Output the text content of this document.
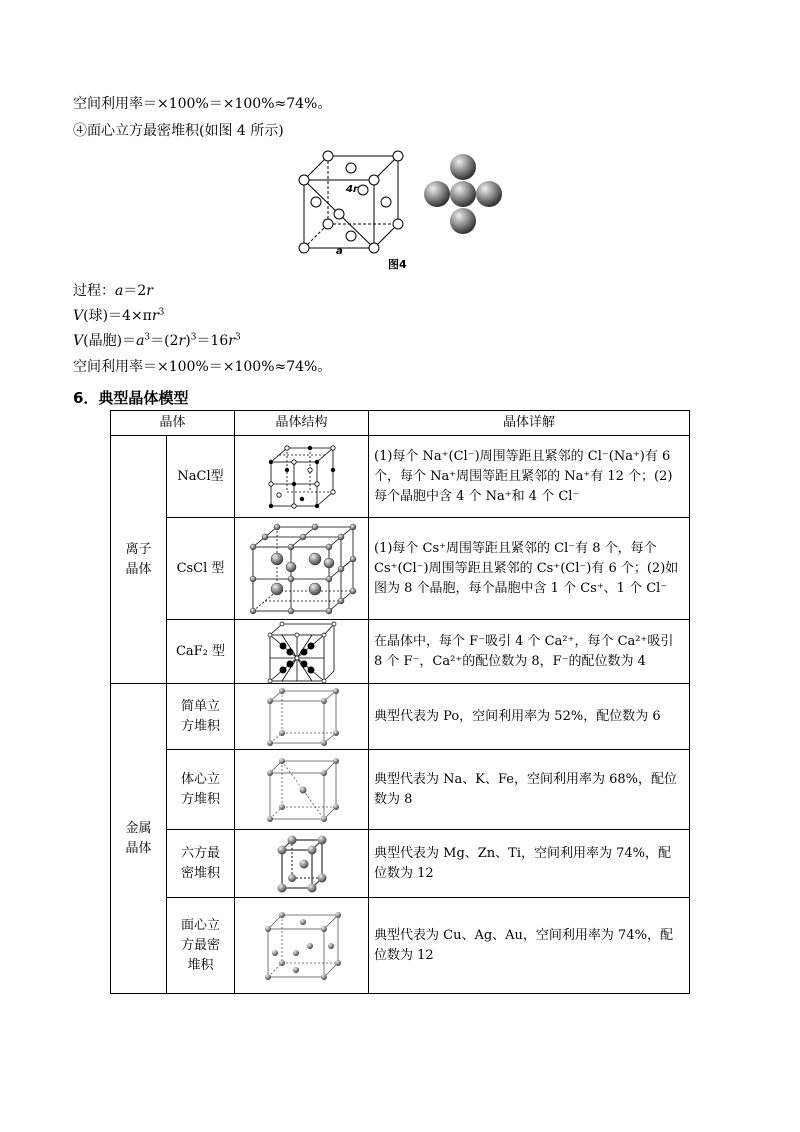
空间利用率＝×100%＝×100%≈74%。
④面心立方最密堆积(如图 4 所示)
4r
a
图4
过程：a＝2r
V(球)$=4\times\pi r^3$
V(晶胞)$=a^3=(2r)^3=16r^3$
空间利用率＝×100%＝×100%≈74%。
6．典型晶体模型
晶体		晶体结构	晶体详解
离子晶体	NaCl型		(1)每个 Na⁺(Cl⁻)周围等距且紧邻的 Cl⁻(Na⁺)有 6 个，每个 Na⁺周围等距且紧邻的 Na⁺有 12 个；(2)每个晶胞中含 4 个 Na⁺和 4 个 Cl⁻
	CsCl 型		(1)每个 Cs⁺周围等距且紧邻的 Cl⁻有 8 个，每个 Cs⁺(Cl⁻)周围等距且紧邻的 Cs⁺(Cl⁻)有 6 个；(2)如图为 8 个晶胞，每个晶胞中含 1 个 Cs⁺、1 个 Cl⁻
	CaF₂ 型		在晶体中，每个 F⁻吸引 4 个 Ca²⁺，每个 Ca²⁺吸引 8 个 F⁻，Ca²⁺的配位数为 8，F⁻的配位数为 4
金属晶体	简单立方堆积		典型代表为 Po，空间利用率为 52%，配位数为 6
	体心立方堆积		典型代表为 Na、K、Fe，空间利用率为 68%，配位数为 8
	六方最密堆积		典型代表为 Mg、Zn、Ti，空间利用率为 74%，配位数为 12
	面心立方最密堆积		典型代表为 Cu、Ag、Au，空间利用率为 74%，配位数为 12
